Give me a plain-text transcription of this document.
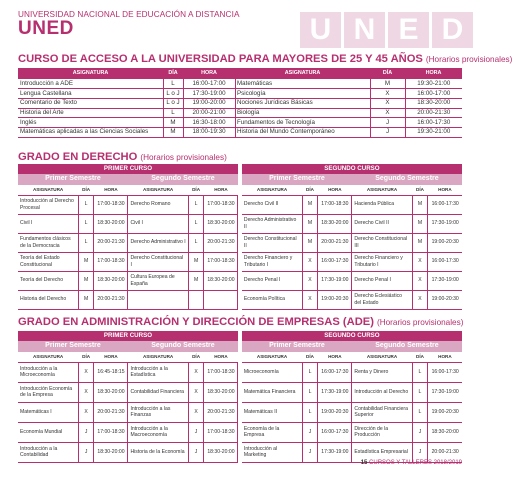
UNIVERSIDAD NACIONAL DE EDUCACIÓN A DISTANCIA
UNED	U N E D
CURSO DE ACCESO A LA UNIVERSIDAD PARA MAYORES DE 25 Y 45 AÑOS (Horarios provisionales)
ASIGNATURA	DÍA	HORA		ASIGNATURA	DÍA	HORA
Introducción a ADE	L	16:00-17:00		Matemáticas	M	19:30-21:00
Lengua Castellana	L o J	17:30-19:00		Psicología	X	16:00-17:00
Comentario de Texto	L o J	19:00-20:00		Nociones Jurídicas Básicas	X	18:30-20:00
Historia del Arte	L	20:00-21:00		Biología	X	20:00-21:30
Inglés	M	16:30-18:00		Fundamentos de Tecnología	J	16:00-17:30
Matemáticas aplicadas a las Ciencias Sociales	M	18:00-19:30		Historia del Mundo Contemporáneo	J	19:30-21:00
GRADO EN DERECHO (Horarios provisionales)
PRIMER CURSO							SEGUNDO CURSO					
Primer Semestre			Segundo Semestre				Primer Semestre			Segundo Semestre		
ASIGNATURA	DÍA	HORA	ASIGNATURA	DÍA	HORA		ASIGNATURA	DÍA	HORA	ASIGNATURA	DÍA	HORA
Introducción al Derecho Procesal	L	17:00-18:30	Derecho Romano	L	17:00-18:30		Derecho Civil II	M	17:00-18:30	Hacienda Pública	M	16:00-17:30
Civil I	L	18:30-20:00	Civil I	L	18:30-20:00		Derecho Administrativo II	M	18:30-20:00	Derecho Civil II	M	17:30-19:00
Fundamentos clásicos de la Democracia	L	20:00-21:30	Derecho Administrativo I	L	20:00-21:30		Derecho Constitucional II	M	20:00-21:30	Derecho Constitucional III	M	19:00-20:30
Teoría del Estado Constitucional	M	17:00-18:30	Derecho Constitucional I	M	17:00-18:30		Derecho Financiero y Tributario I	X	16:00-17:30	Derecho Financiero y Tributario I	X	16:00-17:30
Teoría del Derecho	M	18:30-20:00	Cultura Europea de España	M	18:30-20:00		Derecho Penal I	X	17:30-19:00	Derecho Penal I	X	17:30-19:00
Historia del Derecho	M	20:00-21:30					Economía Política	X	19:00-20:30	Derecho Eclesiástico del Estado	X	19:00-20:30
GRADO EN ADMINISTRACIÓN Y DIRECCIÓN DE EMPRESAS (ADE) (Horarios provisionales)
PRIMER CURSO							SEGUNDO CURSO					
Primer Semestre			Segundo Semestre				Primer Semestre			Segundo Semestre		
ASIGNATURA	DÍA	HORA	ASIGNATURA	DÍA	HORA		ASIGNATURA	DÍA	HORA	ASIGNATURA	DÍA	HORA
Introducción a la Microeconomía	X	16:45-18:15	Introducción a la Estadística	X	17:00-18:30		Microeconomía	L	16:00-17:30	Renta y Dinero	L	16:00-17:30
Introducción Economía de la Empresa	X	18:30-20:00	Contabilidad Financiera	X	18:30-20:00		Matemática Financiera	L	17:30-19:00	Introducción al Derecho	L	17:30-19:00
Matemáticas I	X	20:00-21:30	Introducción a las Finanzas	X	20:00-21:30		Matemáticas II	L	19:00-20:30	Contabilidad Financiera Superior	L	19:00-20:30
Economía Mundial	J	17:00-18:30	Introducción a la Macroeconomía	J	17:00-18:30		Economía de la Empresa	J	16:00-17:30	Dirección de la Producción	J	18:30-20:00
Introducción a la Contabilidad	J	18:30-20:00	Historia de la Economía	J	18:30-20:00		Introducción al Marketing	J	17:30-19:00	Estadística Empresarial	J	20:00-21:30
15 CURSOS Y TALLERES 2018/2019
